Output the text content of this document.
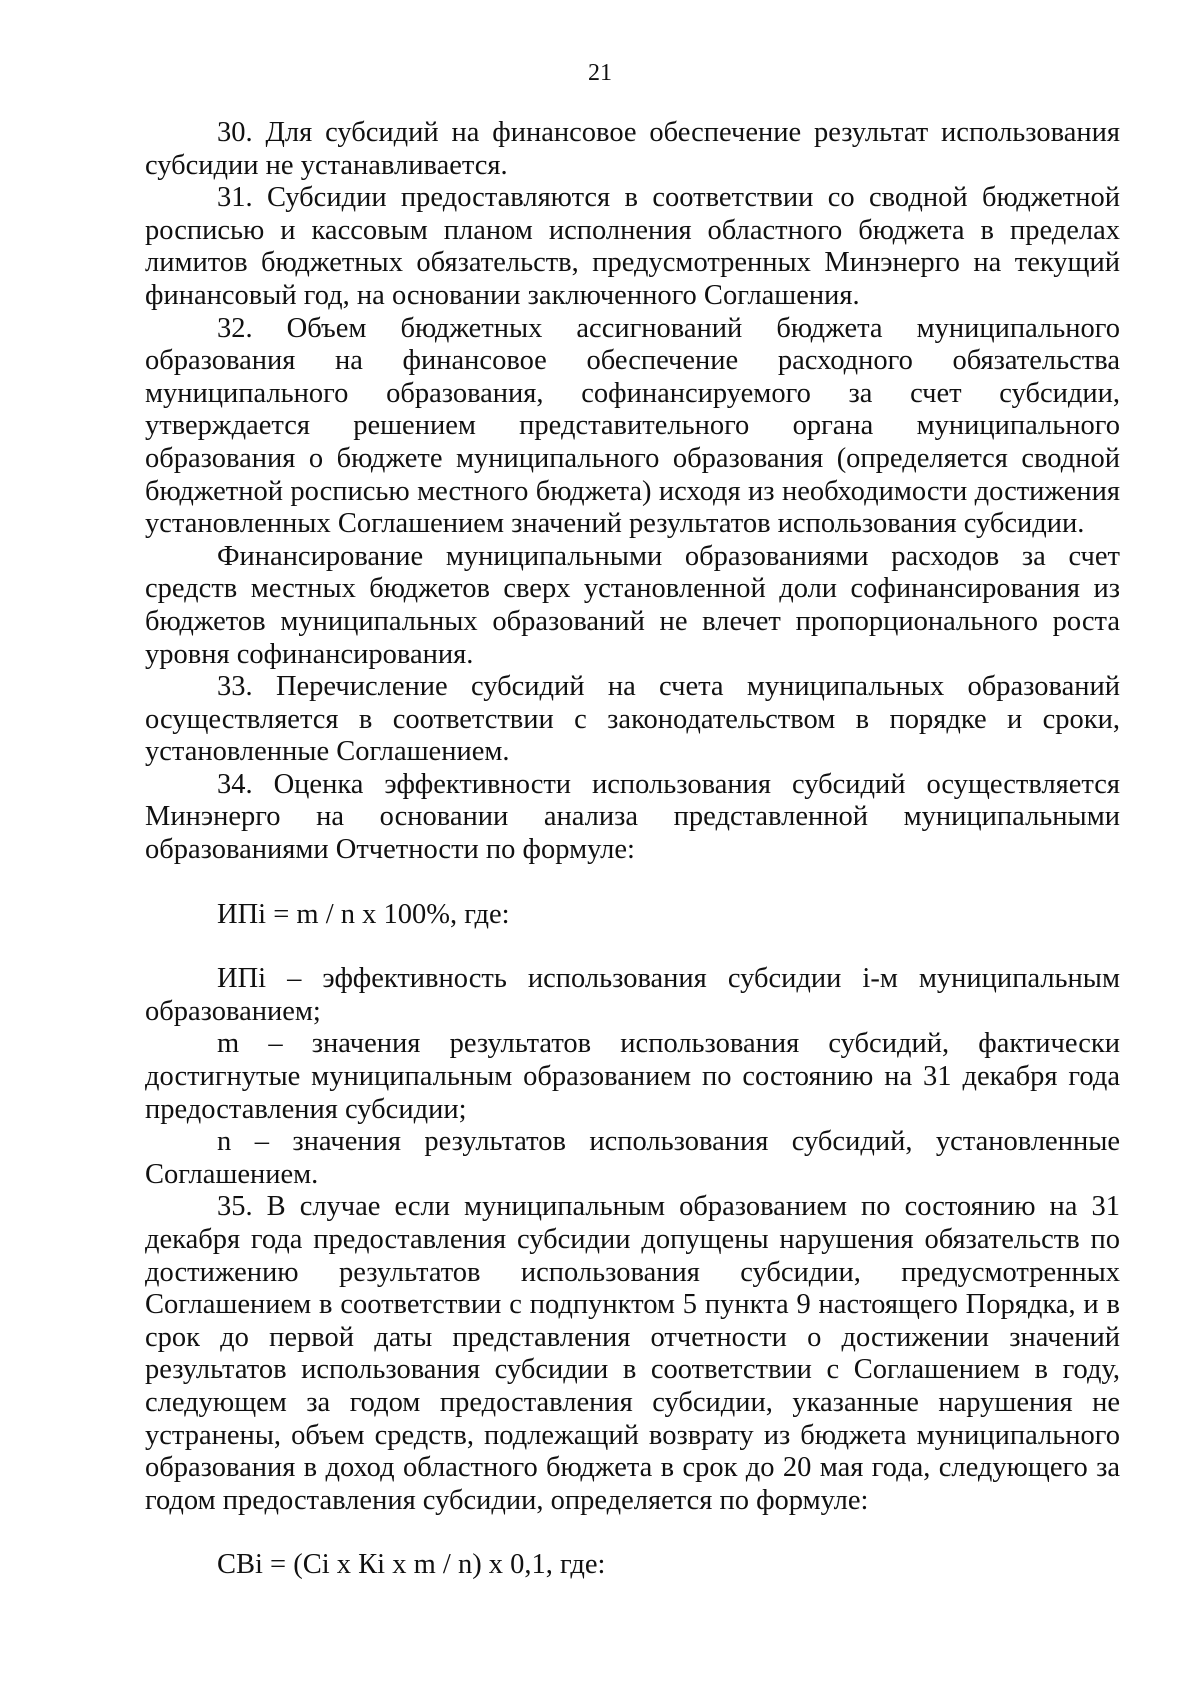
21

30. Для субсидий на финансовое обеспечение результат использования субсидии не устанавливается.

31. Субсидии предоставляются в соответствии со сводной бюджетной росписью и кассовым планом исполнения областного бюджета в пределах лимитов бюджетных обязательств, предусмотренных Минэнерго на текущий финансовый год, на основании заключенного Соглашения.

32. Объем бюджетных ассигнований бюджета муниципального образования на финансовое обеспечение расходного обязательства муниципального образования, софинансируемого за счет субсидии, утверждается решением представительного органа муниципального образования о бюджете муниципального образования (определяется сводной бюджетной росписью местного бюджета) исходя из необходимости достижения установленных Соглашением значений результатов использования субсидии.

Финансирование муниципальными образованиями расходов за счет средств местных бюджетов сверх установленной доли софинансирования из бюджетов муниципальных образований не влечет пропорционального роста уровня софинансирования.

33. Перечисление субсидий на счета муниципальных образований осуществляется в соответствии с законодательством в порядке и сроки, установленные Соглашением.

34. Оценка эффективности использования субсидий осуществляется Минэнерго на основании анализа представленной муниципальными образованиями Отчетности по формуле:

ИПi = m / n x 100%, где:

ИПi – эффективность использования субсидии i-м муниципальным образованием;

m – значения результатов использования субсидий, фактически достигнутые муниципальным образованием по состоянию на 31 декабря года предоставления субсидии;

n – значения результатов использования субсидий, установленные Соглашением.

35. В случае если муниципальным образованием по состоянию на 31 декабря года предоставления субсидии допущены нарушения обязательств по достижению результатов использования субсидии, предусмотренных Соглашением в соответствии с подпунктом 5 пункта 9 настоящего Порядка, и в срок до первой даты представления отчетности о достижении значений результатов использования субсидии в соответствии с Соглашением в году, следующем за годом предоставления субсидии, указанные нарушения не устранены, объем средств, подлежащий возврату из бюджета муниципального образования в доход областного бюджета в срок до 20 мая года, следующего за годом предоставления субсидии, определяется по формуле:

СВi = (Сi x Кi x m / n) x 0,1, где:
